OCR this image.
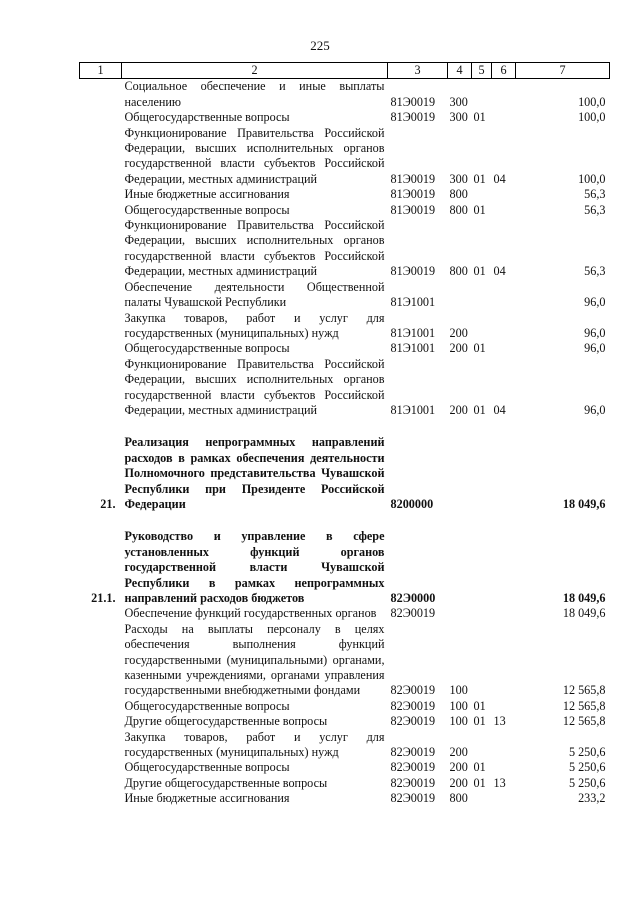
225
1	2	3	4	5	6	7
	Социальное обеспечение и иные выплаты населению	81Э0019	300			100,0
	Общегосударственные вопросы	81Э0019	300	01		100,0
	Функционирование Правительства Российской Федерации, высших исполнительных органов государственной власти субъектов Российской Федерации, местных администраций	81Э0019	300	01	04	100,0
	Иные бюджетные ассигнования	81Э0019	800			56,3
	Общегосударственные вопросы	81Э0019	800	01		56,3
	Функционирование Правительства Российской Федерации, высших исполнительных органов государственной власти субъектов Российской Федерации, местных администраций	81Э0019	800	01	04	56,3
	Обеспечение деятельности Общественной палаты Чувашской Республики	81Э1001				96,0
	Закупка товаров, работ и услуг для государственных (муниципальных) нужд	81Э1001	200			96,0
	Общегосударственные вопросы	81Э1001	200	01		96,0
	Функционирование Правительства Российской Федерации, высших исполнительных органов государственной власти субъектов Российской Федерации, местных администраций	81Э1001	200	01	04	96,0

21.	Реализация непрограммных направлений расходов в рамках обеспечения деятельности Полномочного представительства Чувашской Республики при Президенте Российской Федерации	8200000				18 049,6

21.1.	Руководство и управление в сфере установленных функций органов государственной власти Чувашской Республики в рамках непрограммных направлений расходов бюджетов	82Э0000				18 049,6
	Обеспечение функций государственных органов	82Э0019				18 049,6
	Расходы на выплаты персоналу в целях обеспечения выполнения функций государственными (муниципальными) органами, казенными учреждениями, органами управления государственными внебюджетными фондами	82Э0019	100			12 565,8
	Общегосударственные вопросы	82Э0019	100	01		12 565,8
	Другие общегосударственные вопросы	82Э0019	100	01	13	12 565,8
	Закупка товаров, работ и услуг для государственных (муниципальных) нужд	82Э0019	200			5 250,6
	Общегосударственные вопросы	82Э0019	200	01		5 250,6
	Другие общегосударственные вопросы	82Э0019	200	01	13	5 250,6
	Иные бюджетные ассигнования	82Э0019	800			233,2
